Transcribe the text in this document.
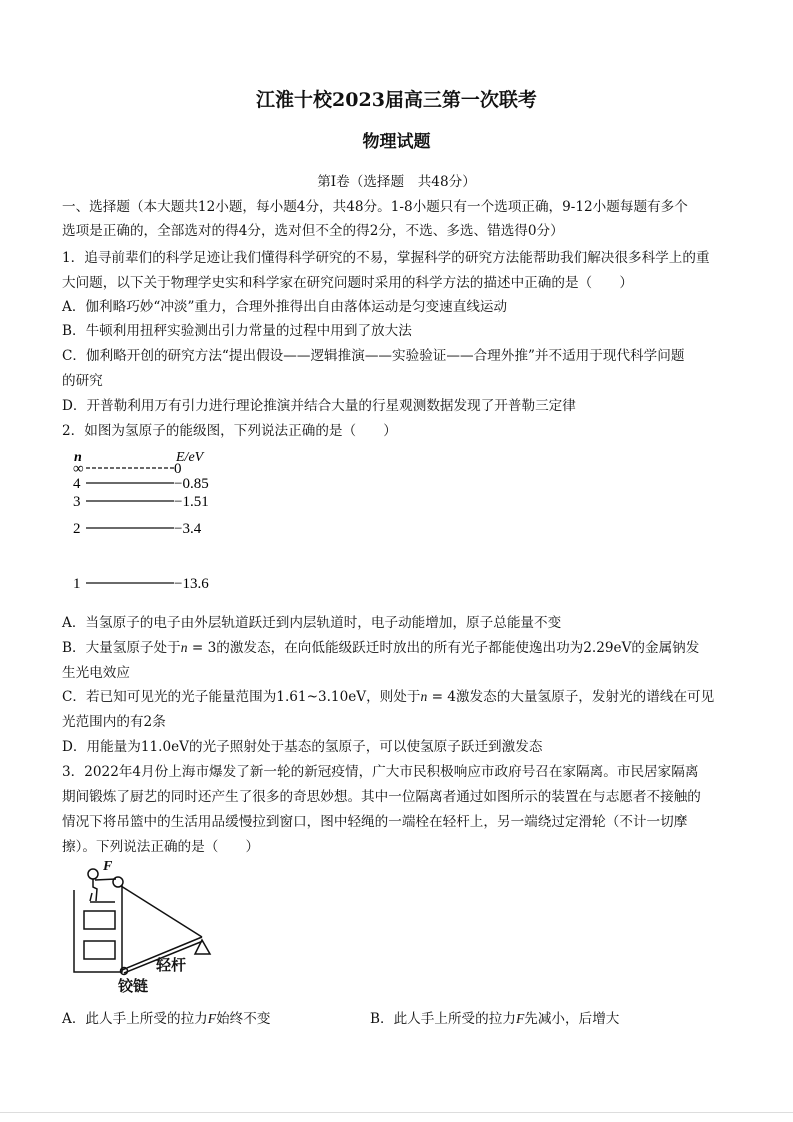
江淮十校2023届高三第一次联考
物理试题
第Ⅰ卷（选择题　共48分）
一、选择题（本大题共12小题，每小题4分，共48分。1-8小题只有一个选项正确，9-12小题每题有多个
选项是正确的，全部选对的得4分，选对但不全的得2分，不选、多选、错选得0分）
1．追寻前辈们的科学足迹让我们懂得科学研究的不易，掌握科学的研究方法能帮助我们解决很多科学上的重
大问题，以下关于物理学史实和科学家在研究问题时采用的科学方法的描述中正确的是（　　）
A．伽利略巧妙“冲淡”重力，合理外推得出自由落体运动是匀变速直线运动
B．牛顿利用扭秤实验测出引力常量的过程中用到了放大法
C．伽利略开创的研究方法“提出假设——逻辑推演——实验验证——合理外推”并不适用于现代科学问题
的研究
D．开普勒利用万有引力进行理论推演并结合大量的行星观测数据发现了开普勒三定律
2．如图为氢原子的能级图，下列说法正确的是（　　）
n	E/eV
∞	0
4	−0.85
3	−1.51
2	−3.4
1	−13.6
A．当氢原子的电子由外层轨道跃迁到内层轨道时，电子动能增加，原子总能量不变
B．大量氢原子处于n = 3的激发态，在向低能级跃迁时放出的所有光子都能使逸出功为2.29eV的金属钠发
生光电效应
C．若已知可见光的光子能量范围为1.61~3.10eV，则处于n = 4激发态的大量氢原子，发射光的谱线在可见
光范围内的有2条
D．用能量为11.0eV的光子照射处于基态的氢原子，可以使氢原子跃迁到激发态
3．2022年4月份上海市爆发了新一轮的新冠疫情，广大市民积极响应市政府号召在家隔离。市民居家隔离
期间锻炼了厨艺的同时还产生了很多的奇思妙想。其中一位隔离者通过如图所示的装置在与志愿者不接触的
情况下将吊篮中的生活用品缓慢拉到窗口，图中轻绳的一端栓在轻杆上，另一端绕过定滑轮（不计一切摩
擦）。下列说法正确的是（　　）
F
轻杆
铰链
A．此人手上所受的拉力F始终不变	B．此人手上所受的拉力F先减小，后增大
